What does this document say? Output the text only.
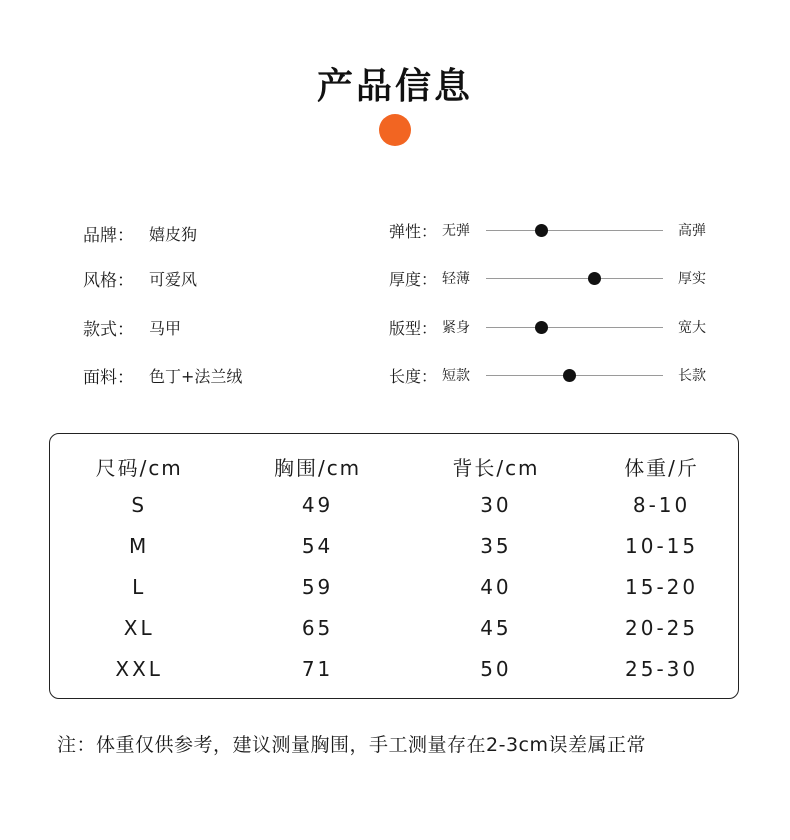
产品信息
品牌： 嬉皮狗
风格： 可爱风
款式： 马甲
面料： 色丁+法兰绒
弹性： 无弹	高弹
厚度： 轻薄	厚实
版型： 紧身	宽大
长度： 短款	长款
尺码/cm	胸围/cm	背长/cm	体重/斤
S	49	30	8-10
M	54	35	10-15
L	59	40	15-20
XL	65	45	20-25
XXL	71	50	25-30
注：体重仅供参考，建议测量胸围，手工测量存在2-3cm误差属正常
